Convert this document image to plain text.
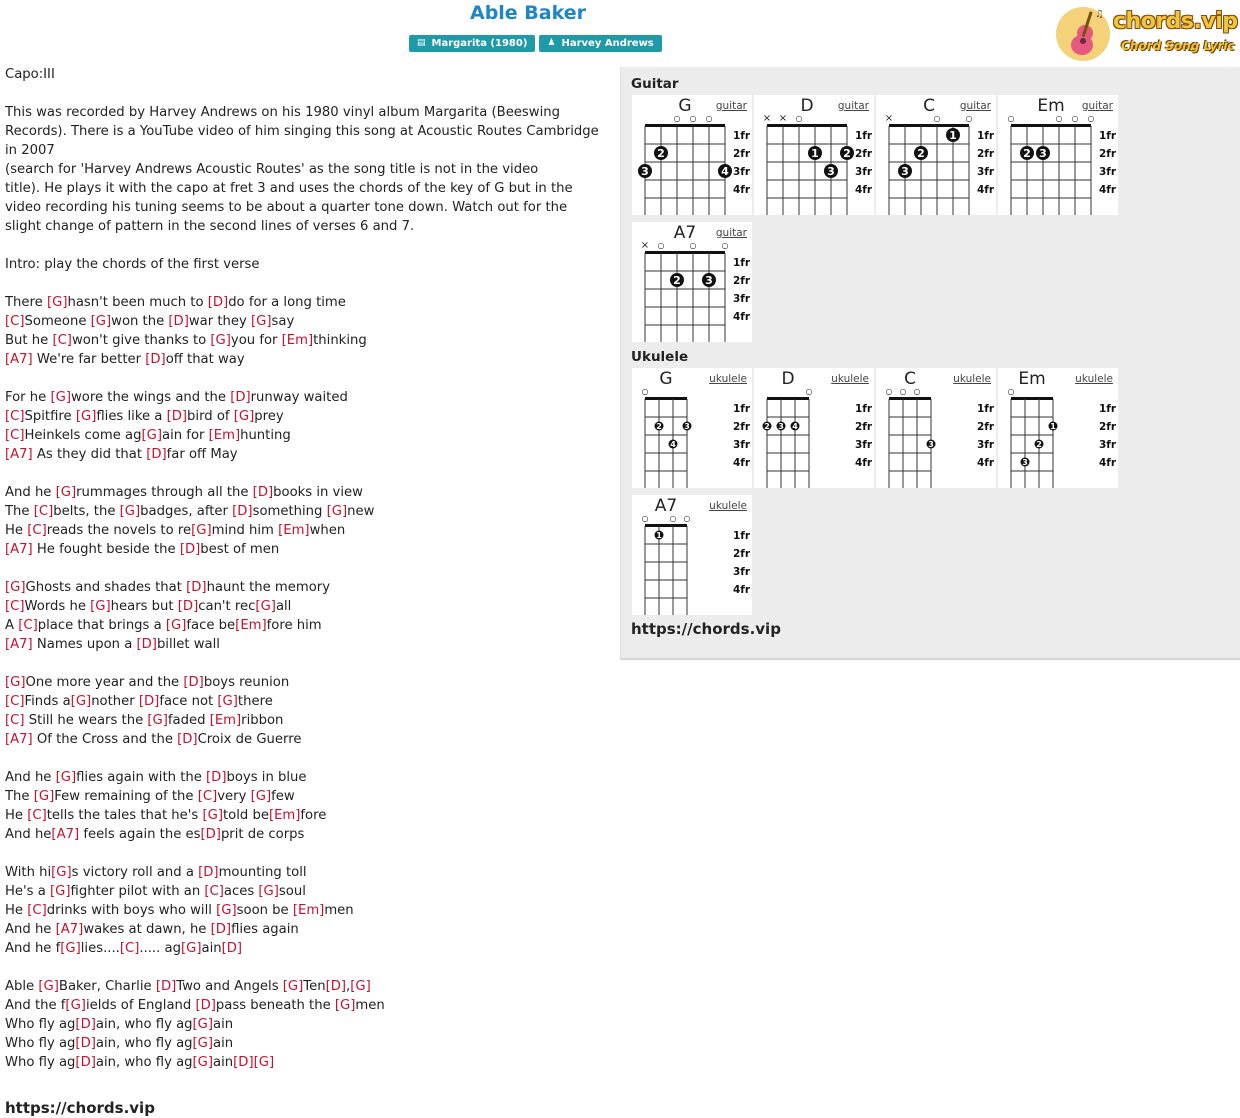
Able Baker
▤ Margarita (1980) ♟ Harvey Andrews
♫ chords.vip
Chord Song Lyric
Capo:III
This was recorded by Harvey Andrews on his 1980 vinyl album Margarita (Beeswing
Records). There is a YouTube video of him singing this song at Acoustic Routes Cambridge
in 2007
(search for 'Harvey Andrews Acoustic Routes' as the song title is not in the video
title). He plays it with the capo at fret 3 and uses the chords of the key of G but in the
video recording his tuning seems to be about a quarter tone down. Watch out for the
slight change of pattern in the second lines of verses 6 and 7.
Intro: play the chords of the first verse
There [G]hasn't been much to [D]do for a long time
[C]Someone [G]won the [D]war they [G]say
But he [C]won't give thanks to [G]you for [Em]thinking
[A7] We're far better [D]off that way
For he [G]wore the wings and the [D]runway waited
[C]Spitfire [G]flies like a [D]bird of [G]prey
[C]Heinkels come ag[G]ain for [Em]hunting
[A7] As they did that [D]far off May
And he [G]rummages through all the [D]books in view
The [C]belts, the [G]badges, after [D]something [G]new
He [C]reads the novels to re[G]mind him [Em]when
[A7] He fought beside the [D]best of men
[G]Ghosts and shades that [D]haunt the memory
[C]Words he [G]hears but [D]can't rec[G]all
A [C]place that brings a [G]face be[Em]fore him
[A7] Names upon a [D]billet wall
[G]One more year and the [D]boys reunion
[C]Finds a[G]nother [D]face not [G]there
[C] Still he wears the [G]faded [Em]ribbon
[A7] Of the Cross and the [D]Croix de Guerre
And he [G]flies again with the [D]boys in blue
The [G]Few remaining of the [C]very [G]few
He [C]tells the tales that he's [G]told be[Em]fore
And he[A7] feels again the es[D]prit de corps
With hi[G]s victory roll and a [D]mounting toll
He's a [G]fighter pilot with an [C]aces [G]soul
He [C]drinks with boys who will [G]soon be [Em]men
And he [A7]wakes at dawn, he [D]flies again
And he f[G]lies....[C]..... ag[G]ain[D]
Able [G]Baker, Charlie [D]Two and Angels [G]Ten[D],[G]
And the f[G]ields of England [D]pass beneath the [G]men
Who fly ag[D]ain, who fly ag[G]ain
Who fly ag[D]ain, who fly ag[G]ain
Who fly ag[D]ain, who fly ag[G]ain[D][G]
https://chords.vip
Guitar
Ukulele
https://chords.vip
G	guitar
○ ○ ○
3
2
4
1fr
2fr
3fr
4fr
D	guitar
× × ○
1
3
2
1fr
2fr
3fr
4fr
C	guitar
×	○	○
3
2
1 1fr
2fr
3fr
4fr
Em	guitar
○	○ ○ ○
2 3
1fr
2fr
3fr
4fr
A7	guitar
× ○	○	○
2 3
1fr
2fr
3fr
4fr
G	ukulele
○
2
4
3
1fr
2fr
3fr
4fr
D	ukulele
○
2 3 4
1fr
2fr
3fr
4fr
C	ukulele
○ ○ ○
3
1fr
2fr
3fr
4fr
Em	ukulele
○
3
2
1
1fr
2fr
3fr
4fr
A7	ukulele
○	○ ○
1	1fr
2fr
3fr
4fr
